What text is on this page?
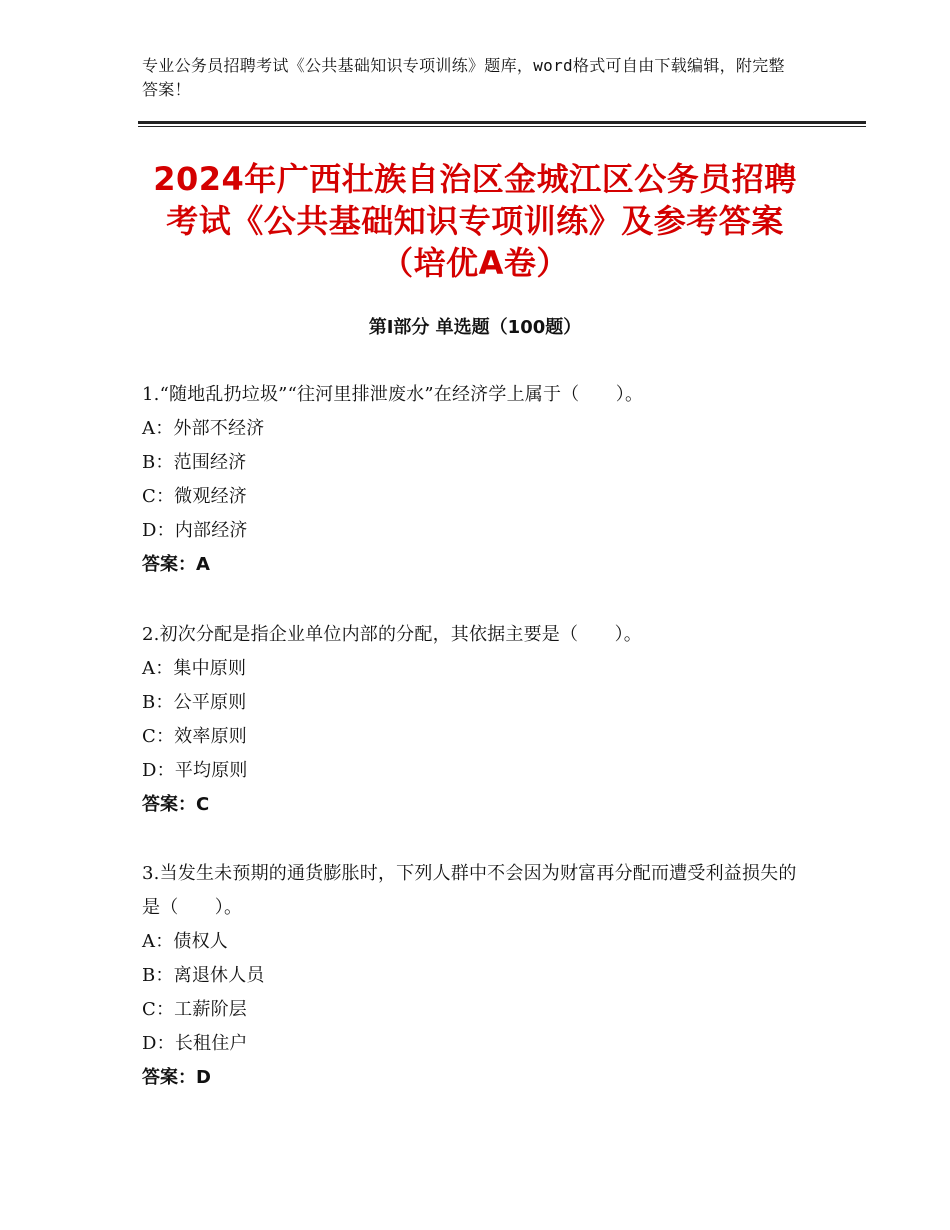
专业公务员招聘考试《公共基础知识专项训练》题库，word格式可自由下载编辑，附完整答案！
2024年广西壮族自治区金城江区公务员招聘考试《公共基础知识专项训练》及参考答案（培优A卷）
第I部分 单选题（100题）
1.“随地乱扔垃圾”“往河里排泄废水”在经济学上属于（　　）。
A：外部不经济
B：范围经济
C：微观经济
D：内部经济
答案：A
2.初次分配是指企业单位内部的分配，其依据主要是（　　）。
A：集中原则
B：公平原则
C：效率原则
D：平均原则
答案：C
3.当发生未预期的通货膨胀时，下列人群中不会因为财富再分配而遭受利益损失的是（　　）。
A：债权人
B：离退休人员
C：工薪阶层
D：长租住户
答案：D
